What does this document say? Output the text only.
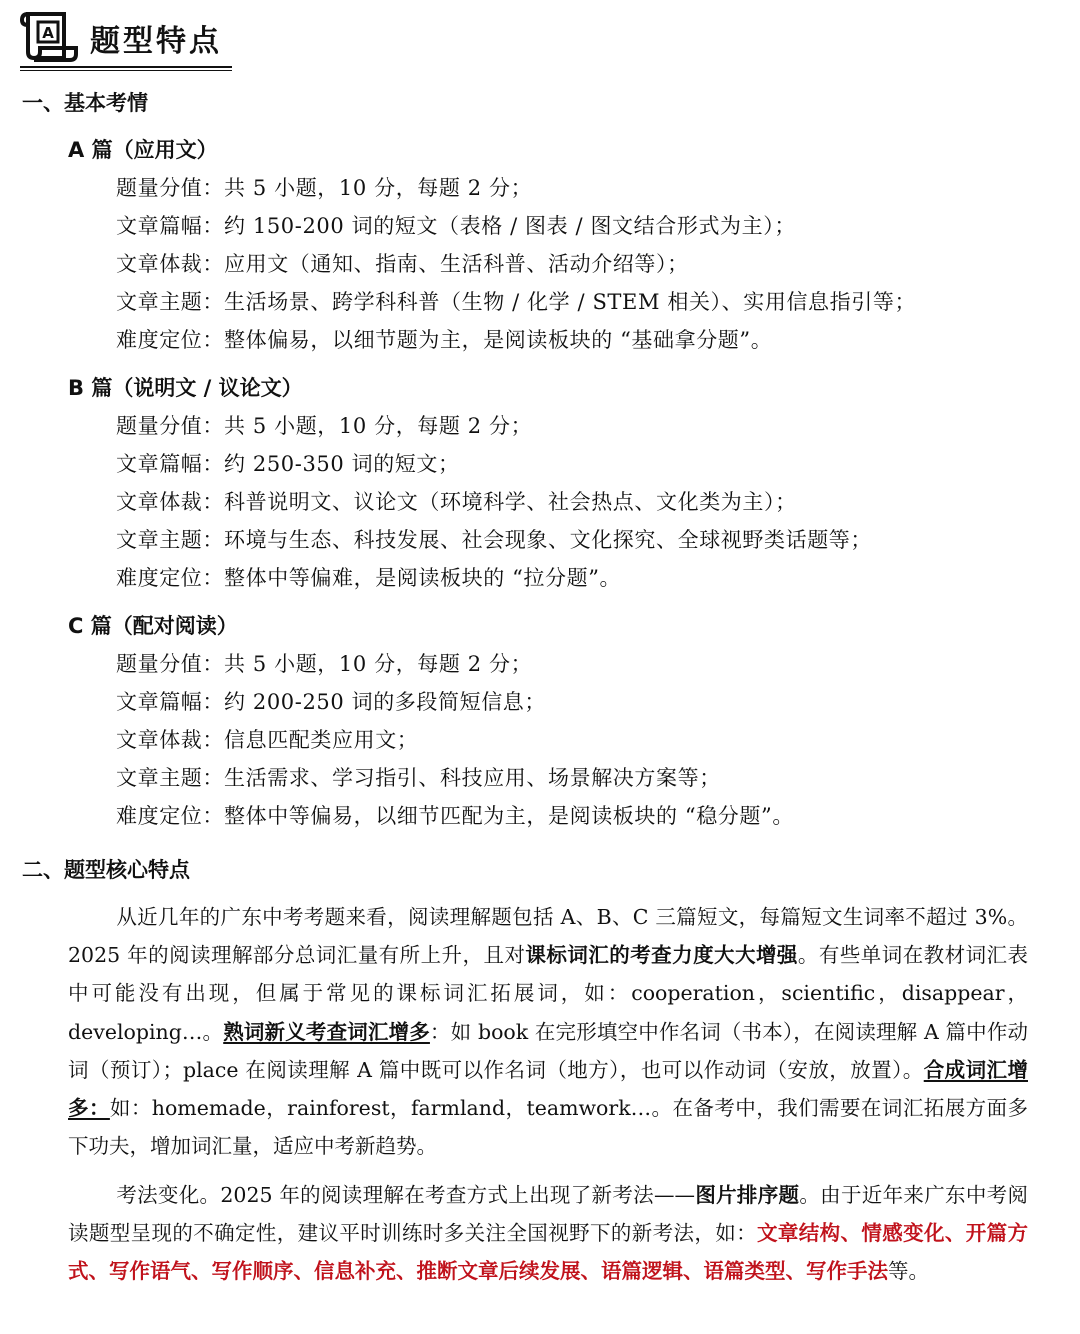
A 题型特点
一、基本考情
A 篇（应用文）
题量分值：共 5 小题，10 分，每题 2 分；
文章篇幅：约 150-200 词的短文（表格 / 图表 / 图文结合形式为主）；
文章体裁：应用文（通知、指南、生活科普、活动介绍等）；
文章主题：生活场景、跨学科科普（生物 / 化学 / STEM 相关）、实用信息指引等；
难度定位：整体偏易，以细节题为主，是阅读板块的 “基础拿分题”。
B 篇（说明文 / 议论文）
题量分值：共 5 小题，10 分，每题 2 分；
文章篇幅：约 250-350 词的短文；
文章体裁：科普说明文、议论文（环境科学、社会热点、文化类为主）；
文章主题：环境与生态、科技发展、社会现象、文化探究、全球视野类话题等；
难度定位：整体中等偏难，是阅读板块的 “拉分题”。
C 篇（配对阅读）
题量分值：共 5 小题，10 分，每题 2 分；
文章篇幅：约 200-250 词的多段简短信息；
文章体裁：信息匹配类应用文；
文章主题：生活需求、学习指引、科技应用、场景解决方案等；
难度定位：整体中等偏易，以细节匹配为主，是阅读板块的 “稳分题”。
二、题型核心特点
从近几年的广东中考考题来看，阅读理解题包括 A、B、C 三篇短文，每篇短文生词率不超过 3%。2025 年的阅读理解部分总词汇量有所上升，且对课标词汇的考查力度大大增强。有些单词在教材词汇表中可能没有出现，但属于常见的课标词汇拓展词，如：cooperation，scientific，disappear，developing…。熟词新义考查词汇增多：如 book 在完形填空中作名词（书本），在阅读理解 A 篇中作动词（预订）；place 在阅读理解 A 篇中既可以作名词（地方），也可以作动词（安放，放置）。合成词汇增多：如：homemade，rainforest，farmland，teamwork…。在备考中，我们需要在词汇拓展方面多下功夫，增加词汇量，适应中考新趋势。
考法变化。2025 年的阅读理解在考查方式上出现了新考法——图片排序题。由于近年来广东中考阅读题型呈现的不确定性，建议平时训练时多关注全国视野下的新考法，如：文章结构、情感变化、开篇方式、写作语气、写作顺序、信息补充、推断文章后续发展、语篇逻辑、语篇类型、写作手法等。
